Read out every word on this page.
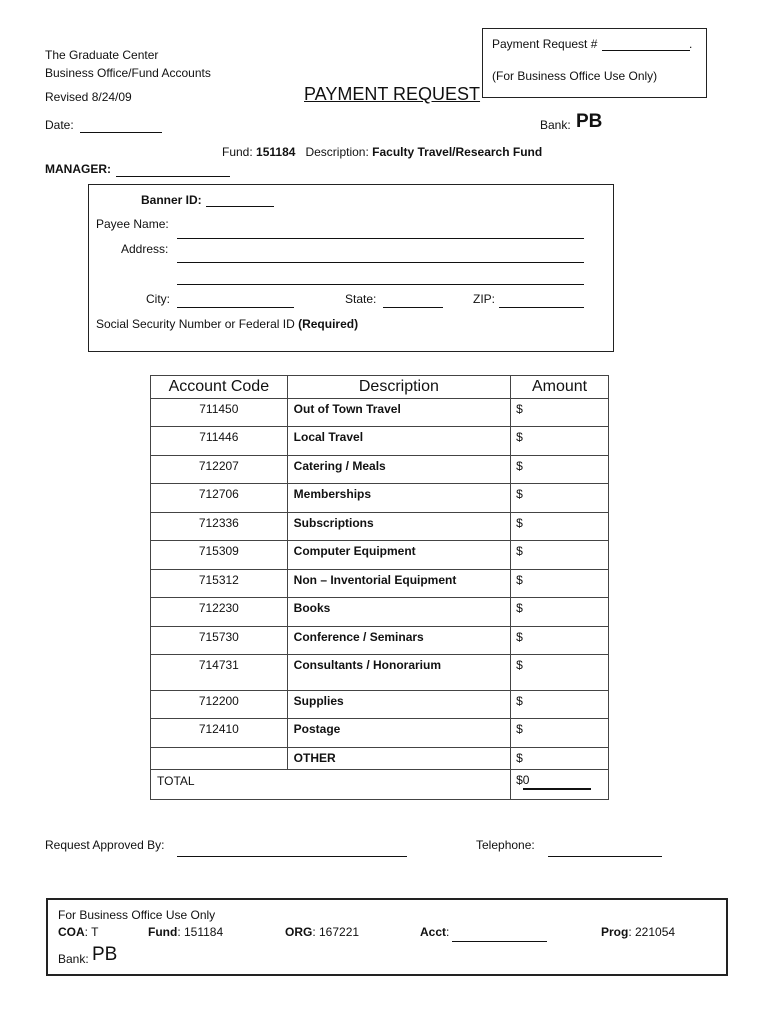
The Graduate Center
Business Office/Fund Accounts
Revised 8/24/09	PAYMENT REQUEST
Payment Request #	.
(For Business Office Use Only)
Date:	Bank: PB
Fund: 151184 Description: Faculty Travel/Research Fund
MANAGER:
Banner ID:
Payee Name:
Address:
City:	State:	ZIP:
Social Security Number or Federal ID (Required)
Account Code	Description	Amount
711450	Out of Town Travel	$
711446	Local Travel	$
712207	Catering / Meals	$
712706	Memberships	$
712336	Subscriptions	$
715309	Computer Equipment	$
715312	Non – Inventorial Equipment	$
712230	Books	$
715730	Conference / Seminars	$
714731	Consultants / Honorarium	$
712200	Supplies	$
712410	Postage	$
	OTHER	$
TOTAL		$0
Request Approved By:	Telephone:
For Business Office Use Only
COA: T	Fund: 151184	ORG: 167221	Acct:	Prog: 221054
Bank: PB
